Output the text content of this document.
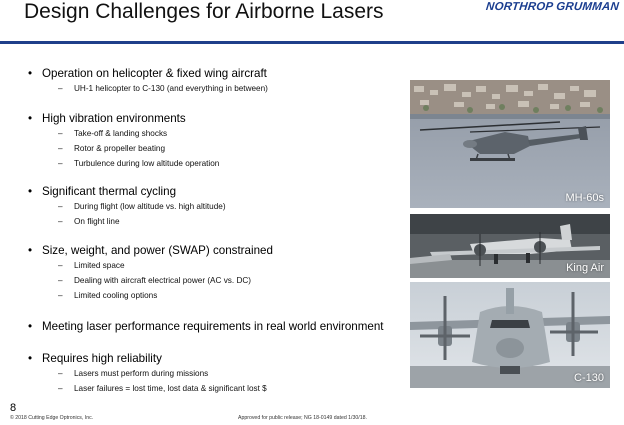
Design Challenges for Airborne Lasers	NORTHROP GRUMMAN
• Operation on helicopter & fixed wing aircraft
– UH-1 helicopter to C-130 (and everything in between)
• High vibration environments
– Take-off & landing shocks
– Rotor & propeller beating
– Turbulence during low altitude operation
• Significant thermal cycling
– During flight (low altitude vs. high altitude)
– On flight line
• Size, weight, and power (SWAP) constrained
– Limited space
– Dealing with aircraft electrical power (AC vs. DC)
– Limited cooling options
• Meeting laser performance requirements in real world environment
• Requires high reliability
– Lasers must perform during missions
– Laser failures = lost time, lost data & significant lost $
MH-60s
King Air
C-130
8
© 2018 Cutting Edge Optronics, Inc.	Approved for public release; NG 18-0149 dated 1/30/18.
